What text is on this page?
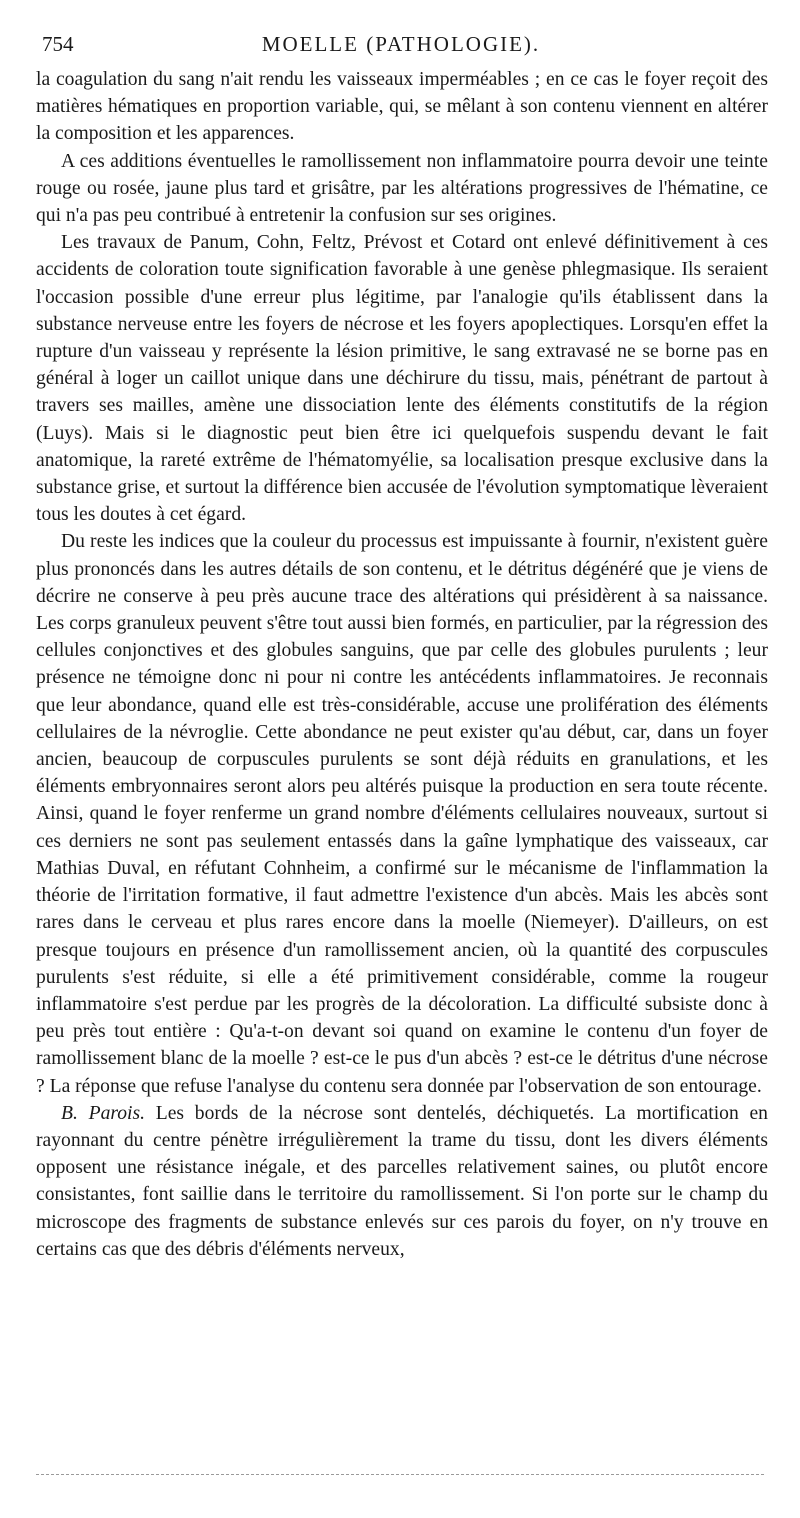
754	MOELLE (PATHOLOGIE).

la coagulation du sang n'ait rendu les vaisseaux imperméables ; en ce cas le foyer reçoit des matières hématiques en proportion variable, qui, se mêlant à son contenu viennent en altérer la composition et les apparences.

A ces additions éventuelles le ramollissement non inflammatoire pourra devoir une teinte rouge ou rosée, jaune plus tard et grisâtre, par les altérations progressives de l'hématine, ce qui n'a pas peu contribué à entretenir la confusion sur ses origines.

Les travaux de Panum, Cohn, Feltz, Prévost et Cotard ont enlevé définitivement à ces accidents de coloration toute signification favorable à une genèse phlegmasique. Ils seraient l'occasion possible d'une erreur plus légitime, par l'analogie qu'ils établissent dans la substance nerveuse entre les foyers de nécrose et les foyers apoplectiques. Lorsqu'en effet la rupture d'un vaisseau y représente la lésion primitive, le sang extravasé ne se borne pas en général à loger un caillot unique dans une déchirure du tissu, mais, pénétrant de partout à travers ses mailles, amène une dissociation lente des éléments constitutifs de la région (Luys). Mais si le diagnostic peut bien être ici quelquefois suspendu devant le fait anatomique, la rareté extrême de l'hématomyélie, sa localisation presque exclusive dans la substance grise, et surtout la différence bien accusée de l'évolution symptomatique lèveraient tous les doutes à cet égard.

Du reste les indices que la couleur du processus est impuissante à fournir, n'existent guère plus prononcés dans les autres détails de son contenu, et le détritus dégénéré que je viens de décrire ne conserve à peu près aucune trace des altérations qui présidèrent à sa naissance. Les corps granuleux peuvent s'être tout aussi bien formés, en particulier, par la régression des cellules conjonctives et des globules sanguins, que par celle des globules purulents ; leur présence ne témoigne donc ni pour ni contre les antécédents inflammatoires. Je reconnais que leur abondance, quand elle est très-considérable, accuse une prolifération des éléments cellulaires de la névroglie. Cette abondance ne peut exister qu'au début, car, dans un foyer ancien, beaucoup de corpuscules purulents se sont déjà réduits en granulations, et les éléments embryonnaires seront alors peu altérés puisque la production en sera toute récente. Ainsi, quand le foyer renferme un grand nombre d'éléments cellulaires nouveaux, surtout si ces derniers ne sont pas seulement entassés dans la gaîne lymphatique des vaisseaux, car Mathias Duval, en réfutant Cohnheim, a confirmé sur le mécanisme de l'inflammation la théorie de l'irritation formative, il faut admettre l'existence d'un abcès. Mais les abcès sont rares dans le cerveau et plus rares encore dans la moelle (Niemeyer). D'ailleurs, on est presque toujours en présence d'un ramollissement ancien, où la quantité des corpuscules purulents s'est réduite, si elle a été primitivement considérable, comme la rougeur inflammatoire s'est perdue par les progrès de la décoloration. La difficulté subsiste donc à peu près tout entière : Qu'a-t-on devant soi quand on examine le contenu d'un foyer de ramollissement blanc de la moelle ? est-ce le pus d'un abcès ? est-ce le détritus d'une nécrose ? La réponse que refuse l'analyse du contenu sera donnée par l'observation de son entourage.

B. Parois. Les bords de la nécrose sont dentelés, déchiquetés. La mortification en rayonnant du centre pénètre irrégulièrement la trame du tissu, dont les divers éléments opposent une résistance inégale, et des parcelles relativement saines, ou plutôt encore consistantes, font saillie dans le territoire du ramollissement. Si l'on porte sur le champ du microscope des fragments de substance enlevés sur ces parois du foyer, on n'y trouve en certains cas que des débris d'éléments nerveux,
